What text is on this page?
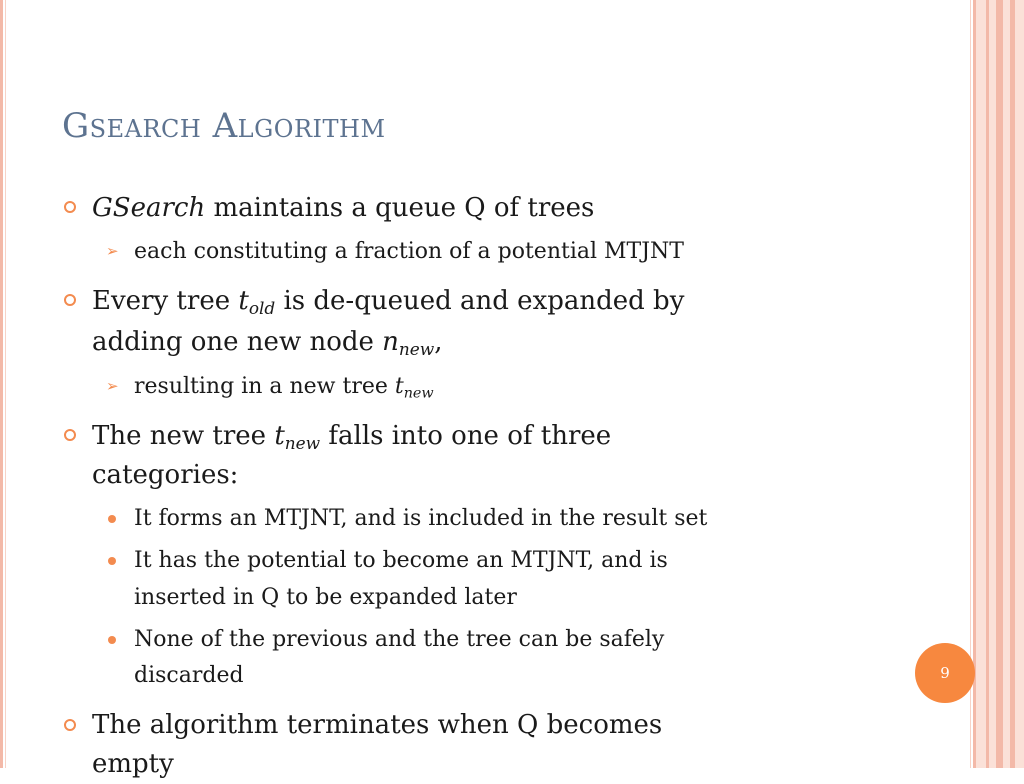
Gsearch Algorithm
GSearch maintains a queue Q of trees
➢ each constituting a fraction of a potential MTJNT
Every tree $t_{old}$ is de-queued and expanded by
adding one new node $n_{new}$,
➢ resulting in a new tree $t_{new}$
The new tree $t_{new}$ falls into one of three
categories:
It forms an MTJNT, and is included in the result set
It has the potential to become an MTJNT, and is
inserted in Q to be expanded later
None of the previous and the tree can be safely
discarded
The algorithm terminates when Q becomes
empty
9
